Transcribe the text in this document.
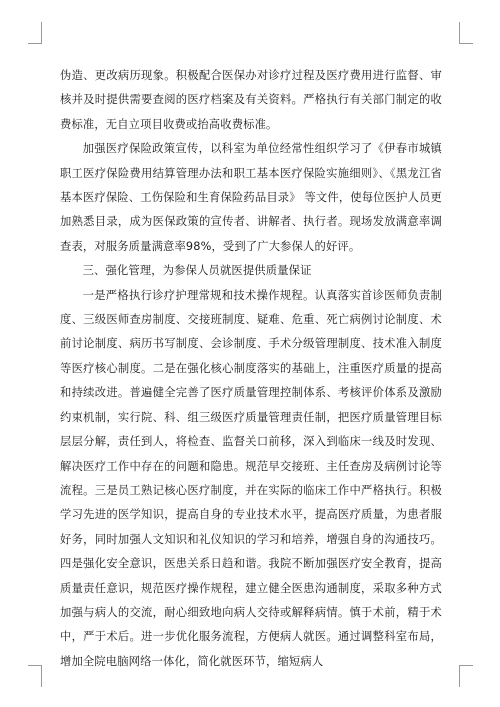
伪造、更改病历现象。积极配合医保办对诊疗过程及医疗费用进行监督、审核并及时提供需要查阅的医疗档案及有关资料。严格执行有关部门制定的收费标准，无自立项目收费或抬高收费标准。

加强医疗保险政策宣传，以科室为单位经常性组织学习了《伊春市城镇职工医疗保险费用结算管理办法和职工基本医疗保险实施细则》、《黑龙江省基本医疗保险、工伤保险和生育保险药品目录》 等文件，使每位医护人员更加熟悉目录，成为医保政策的宣传者、讲解者、执行者。现场发放满意率调查表，对服务质量满意率98%，受到了广大参保人的好评。

三、强化管理，为参保人员就医提供质量保证

一是严格执行诊疗护理常规和技术操作规程。认真落实首诊医师负责制度、三级医师查房制度、交接班制度、疑难、危重、死亡病例讨论制度、术前讨论制度、病历书写制度、会诊制度、手术分级管理制度、技术准入制度等医疗核心制度。二是在强化核心制度落实的基础上，注重医疗质量的提高和持续改进。普遍健全完善了医疗质量管理控制体系、考核评价体系及激励约束机制，实行院、科、组三级医疗质量管理责任制，把医疗质量管理目标层层分解，责任到人，将检查、监督关口前移，深入到临床一线及时发现、解决医疗工作中存在的问题和隐患。规范早交接班、主任查房及病例讨论等流程。三是员工熟记核心医疗制度，并在实际的临床工作中严格执行。积极学习先进的医学知识，提高自身的专业技术水平，提高医疗质量，为患者服好务，同时加强人文知识和礼仪知识的学习和培养，增强自身的沟通技巧。四是强化安全意识，医患关系日趋和谐。我院不断加强医疗安全教育，提高质量责任意识，规范医疗操作规程，建立健全医患沟通制度，采取多种方式加强与病人的交流，耐心细致地向病人交待或解释病情。慎于术前，精于术中，严于术后。进一步优化服务流程，方便病人就医。通过调整科室布局，增加全院电脑网络一体化，简化就医环节，缩短病人
